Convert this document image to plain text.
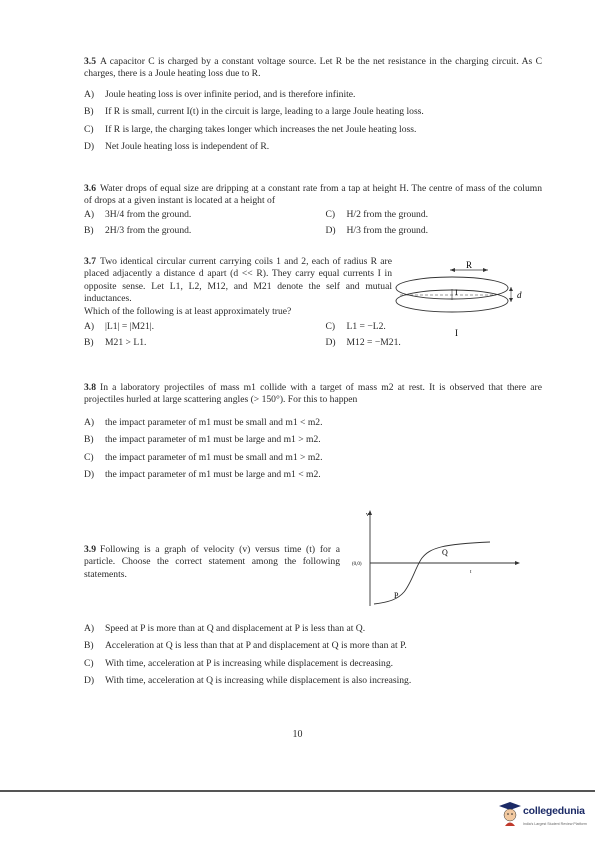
3.5 A capacitor C is charged by a constant voltage source. Let R be the net resistance in the charging circuit. As C charges, there is a Joule heating loss due to R.
A) Joule heating loss is over infinite period, and is therefore infinite.
B) If R is small, current I(t) in the circuit is large, leading to a large Joule heating loss.
C) If R is large, the charging takes longer which increases the net Joule heating loss.
D) Net Joule heating loss is independent of R.
3.6 Water drops of equal size are dripping at a constant rate from a tap at height H. The centre of mass of the column of drops at a given instant is located at a height of
A) 3H/4 from the ground.	C) H/2 from the ground.
B) 2H/3 from the ground.	D) H/3 from the ground.
3.7 Two identical circular current carrying coils 1 and 2, each of radius R are placed adjacently a distance d apart (d << R). They carry equal currents I in opposite sense. Let L1, L2, M12, and M21 denote the self and mutual inductances.
Which of the following is at least approximately true?
A) |L1| = |M21|.	C) L1 = −L2.
B) M21 > L1.	D) M12 = −M21.
R
d
I
I
3.8 In a laboratory projectiles of mass m1 collide with a target of mass m2 at rest. It is observed that there are projectiles hurled at large scattering angles (> 150°). For this to happen
A) the impact parameter of m1 must be small and m1 < m2.
B) the impact parameter of m1 must be large and m1 > m2.
C) the impact parameter of m1 must be small and m1 > m2.
D) the impact parameter of m1 must be large and m1 < m2.
3.9 Following is a graph of velocity (v) versus time (t) for a particle. Choose the correct statement among the following statements.
v
(0,0)
t
P
Q
A) Speed at P is more than at Q and displacement at P is less than at Q.
B) Acceleration at Q is less than that at P and displacement at Q is more than at P.
C) With time, acceleration at P is increasing while displacement is decreasing.
D) With time, acceleration at Q is increasing while displacement is also increasing.
10
collegedunia
India's Largest Student Review Platform
